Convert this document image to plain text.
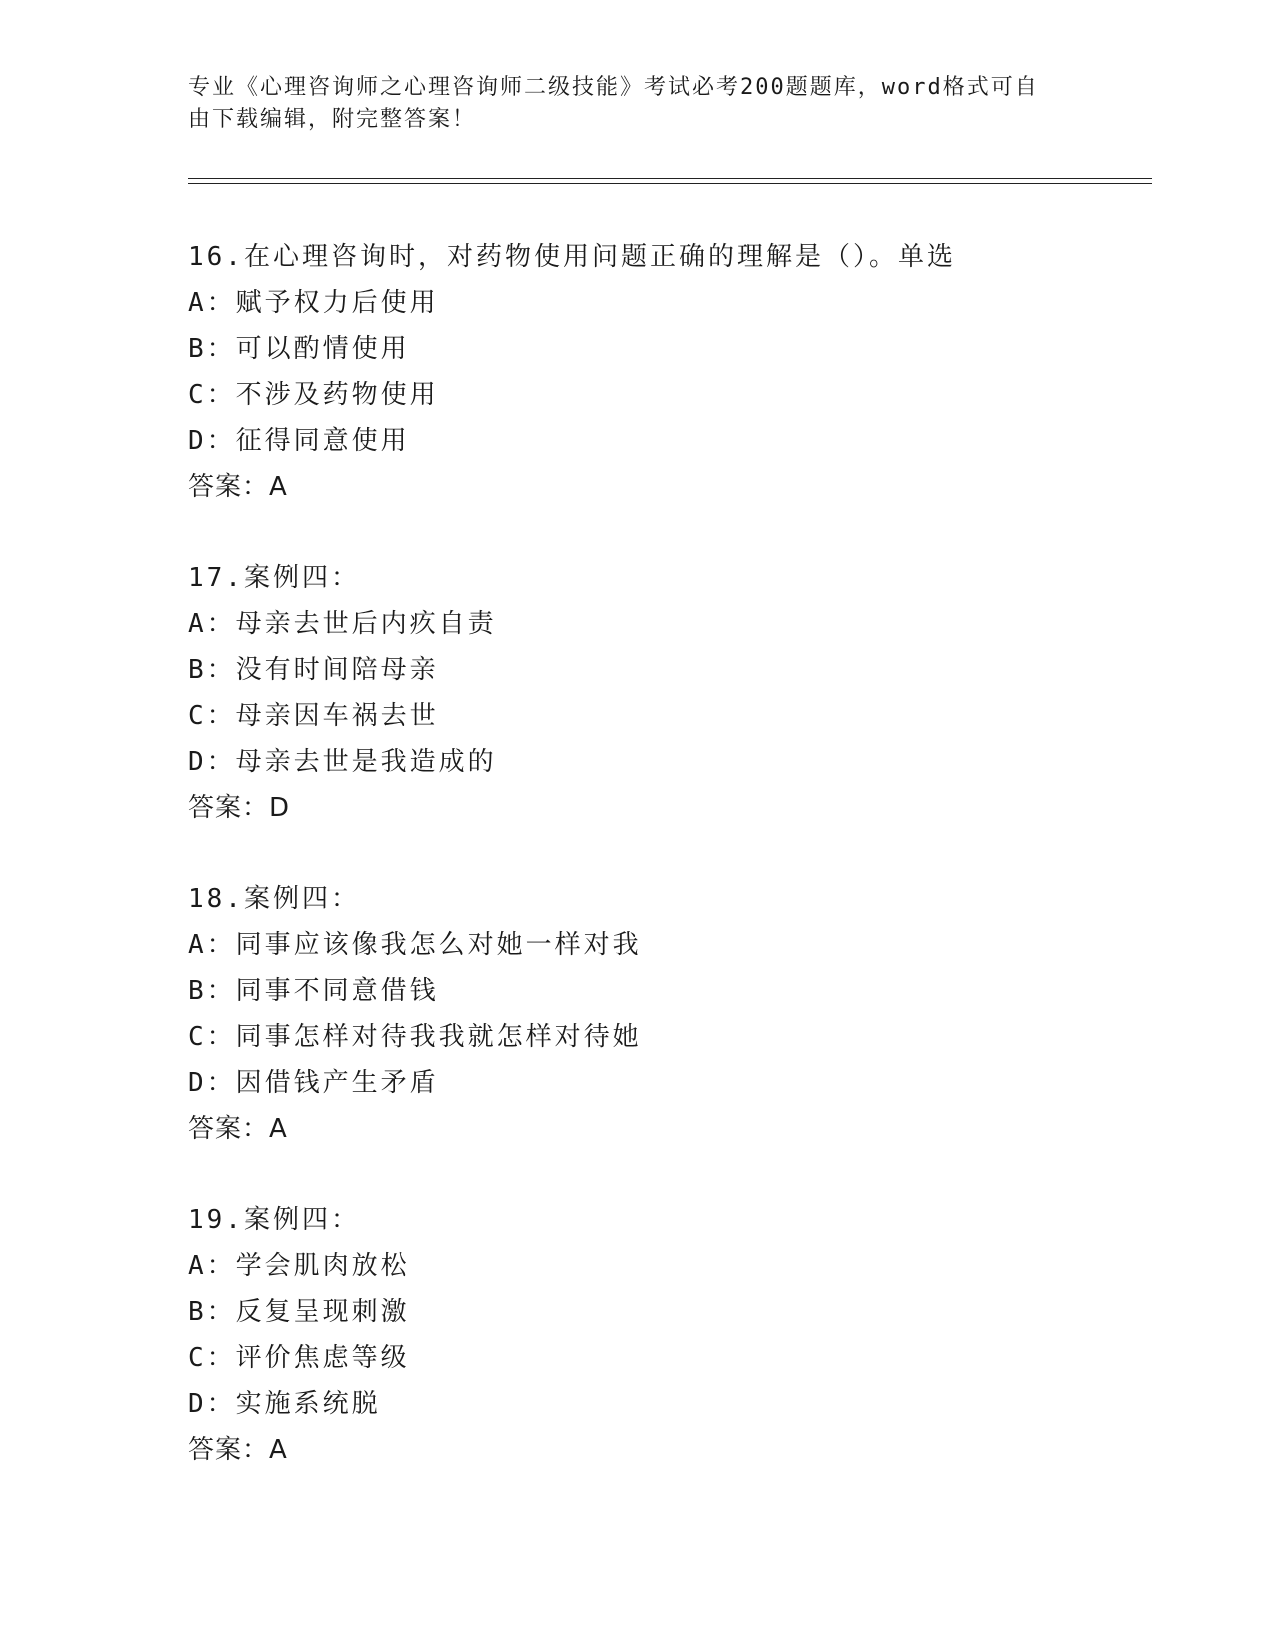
专业《心理咨询师之心理咨询师二级技能》考试必考200题题库，word格式可自
由下载编辑，附完整答案！
16.在心理咨询时，对药物使用问题正确的理解是（）。单选
A：赋予权力后使用
B：可以酌情使用
C：不涉及药物使用
D：征得同意使用
答案：A
17.案例四：
A：母亲去世后内疚自责
B：没有时间陪母亲
C：母亲因车祸去世
D：母亲去世是我造成的
答案：D
18.案例四：
A：同事应该像我怎么对她一样对我
B：同事不同意借钱
C：同事怎样对待我我就怎样对待她
D：因借钱产生矛盾
答案：A
19.案例四：
A：学会肌肉放松
B：反复呈现刺激
C：评价焦虑等级
D：实施系统脱
答案：A
